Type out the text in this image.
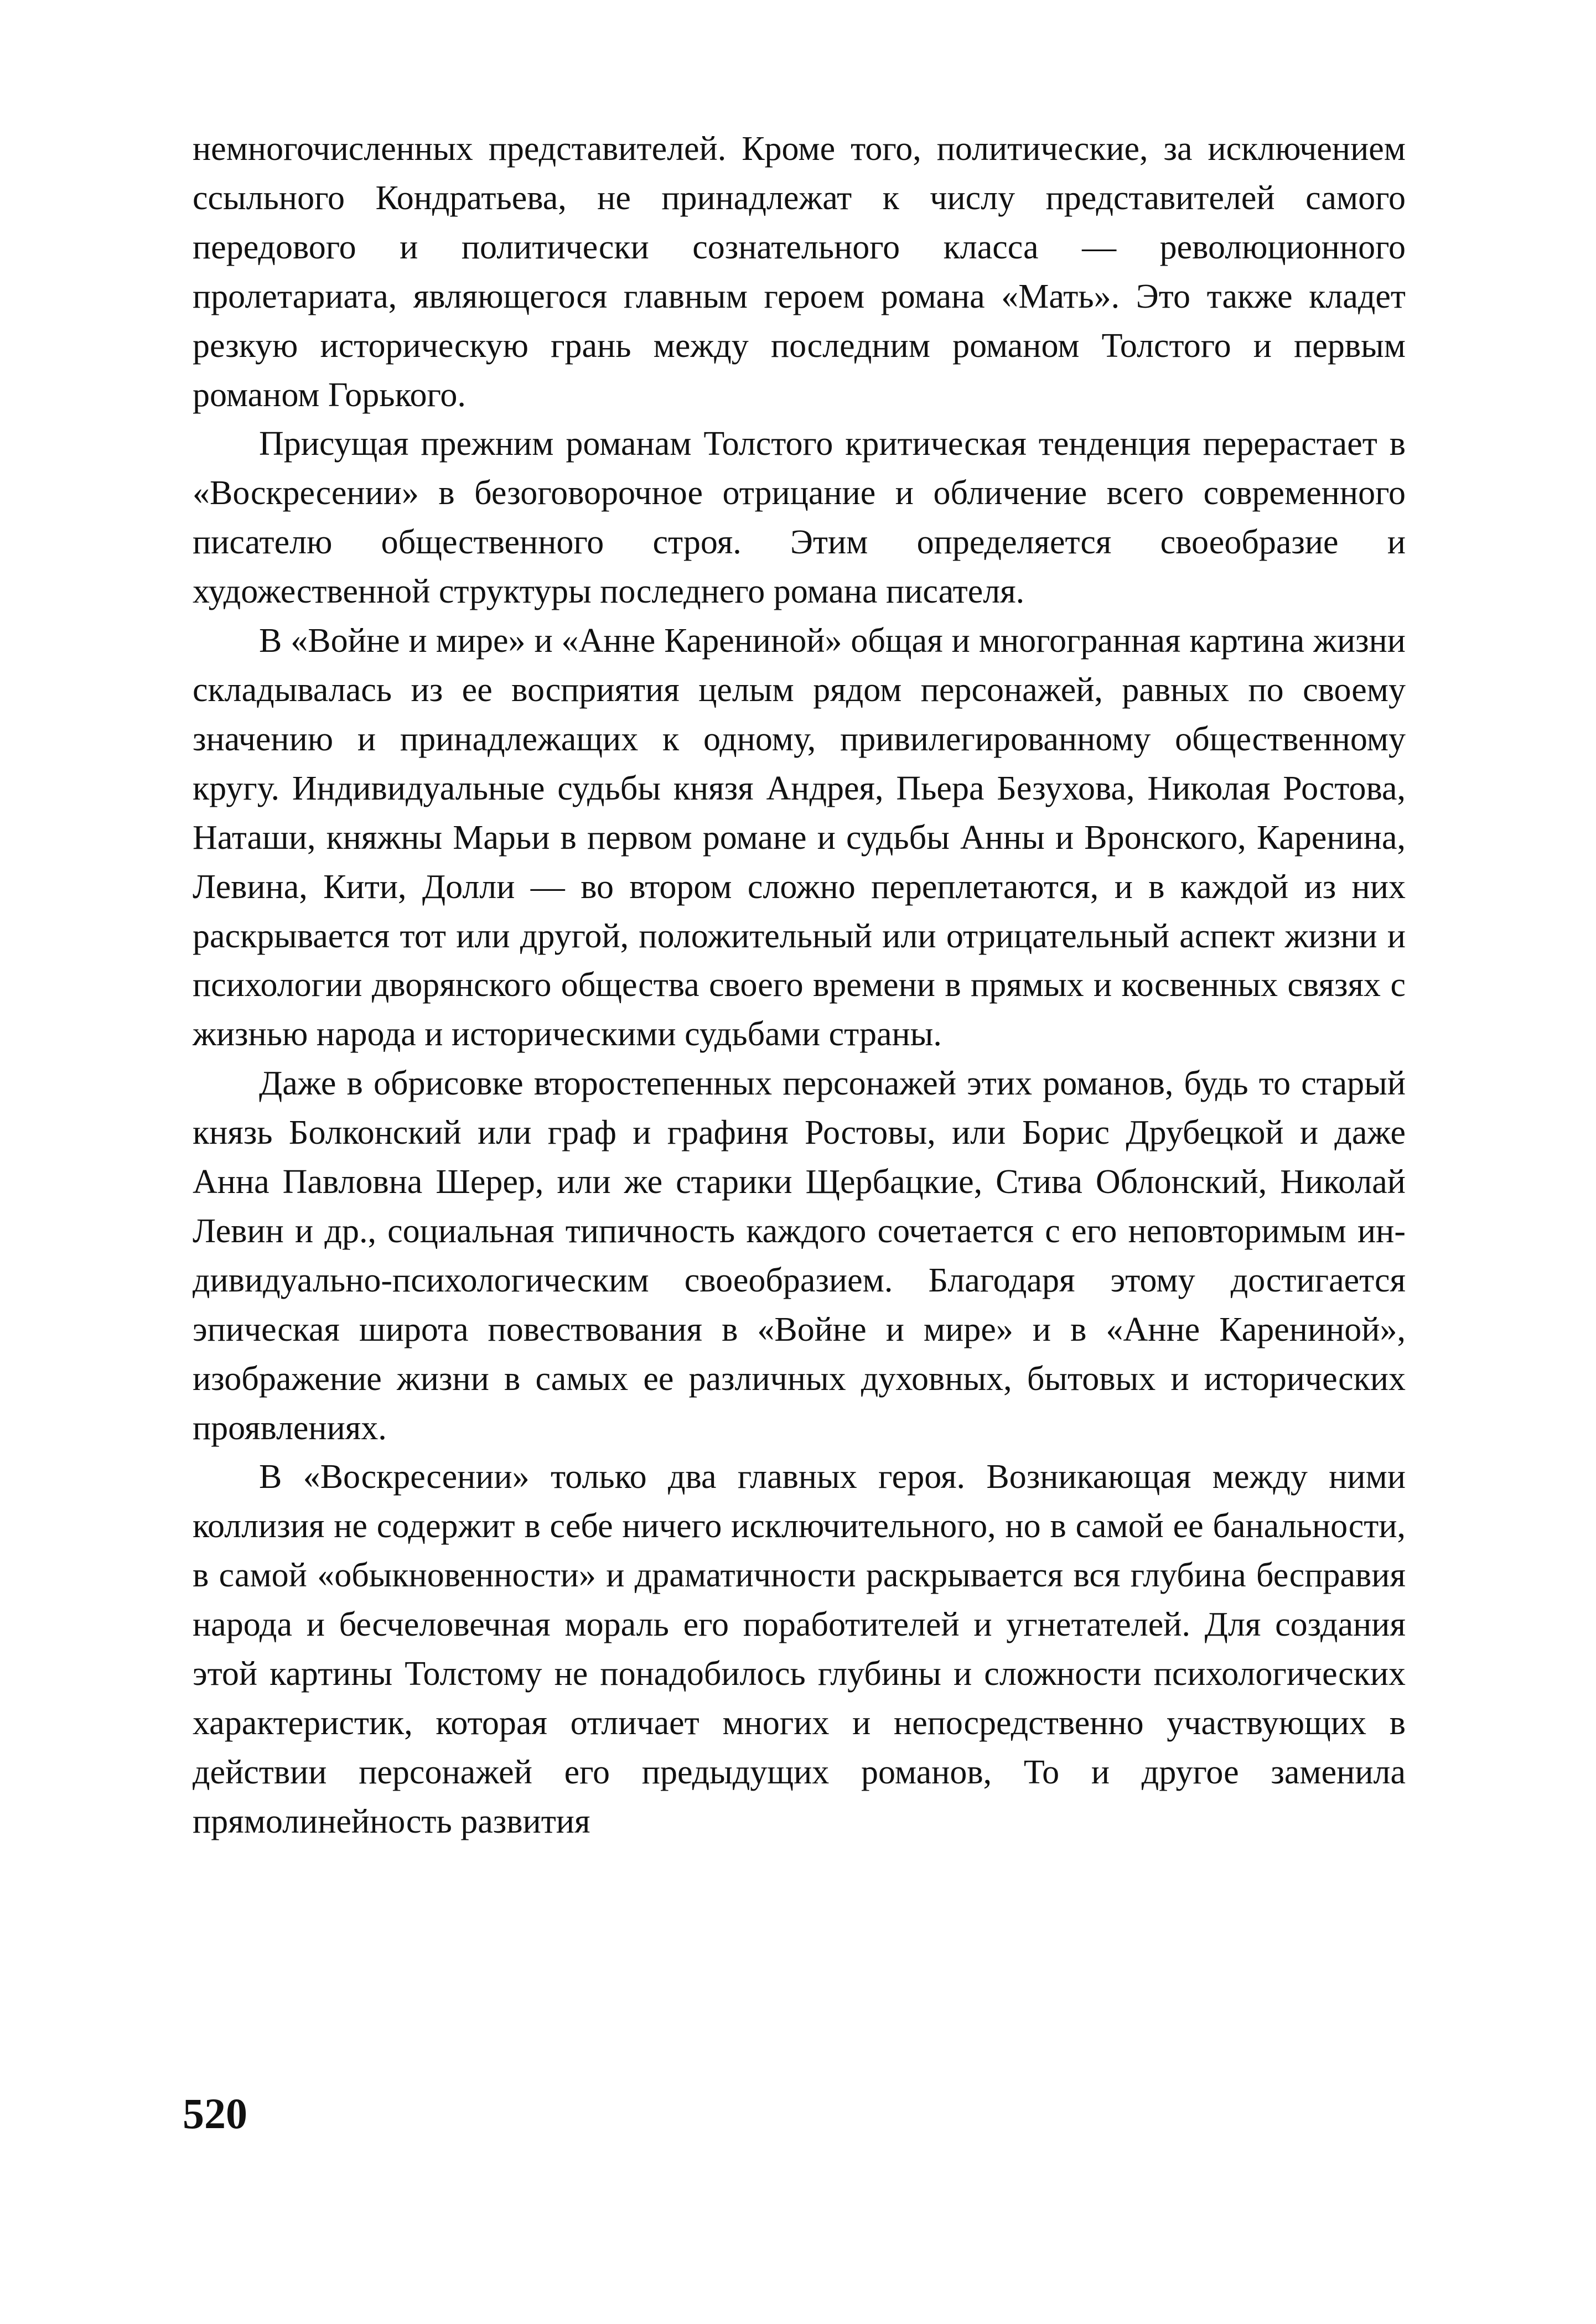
немногочисленных представителей. Кроме того, политические, за исключением ссыльного Кондратьева, не принадлежат к числу представителей самого передового и политически сознательного класса — революционного пролетариата, являющегося главным героем романа «Мать». Это также кладет резкую историческую грань между последним романом Толстого и первым романом Горького.

Присущая прежним романам Толстого критическая тенденция перерастает в «Воскресении» в безоговорочное отрицание и обличение всего современного писателю общественного строя. Этим определяется своеобразие и художественной структуры последнего романа писателя.

В «Войне и мире» и «Анне Карениной» общая и многогранная картина жизни складывалась из ее восприятия целым рядом персонажей, равных по своему значению и принадлежащих к одному, привилегированному общественному кругу. Индивидуальные судьбы князя Андрея, Пьера Безухова, Николая Ростова, Наташи, княжны Марьи в первом романе и судьбы Анны и Вронского, Каренина, Левина, Кити, Долли — во втором сложно переплетаются, и в каждой из них раскрывается тот или другой, положительный или отрицательный аспект жизни и психологии дворянского общества своего времени в прямых и косвенных связях с жизнью народа и историческими судьбами страны.

Даже в обрисовке второстепенных персонажей этих романов, будь то старый князь Болконский или граф и графиня Ростовы, или Борис Друбецкой и даже Анна Павловна Шерер, или же старики Щербацкие, Стива Облонский, Николай Левин и др., социальная типичность каждого сочетается с его неповторимым индивидуально-психологическим своеобразием. Благодаря этому достигается эпическая широта повествования в «Войне и мире» и в «Анне Карениной», изображение жизни в самых ее различных духовных, бытовых и исторических проявлениях.

В «Воскресении» только два главных героя. Возникающая между ними коллизия не содержит в себе ничего исключительного, но в самой ее банальности, в самой «обыкновенности» и драматичности раскрывается вся глубина бесправия народа и бесчеловечная мораль его поработителей и угнетателей. Для создания этой картины Толстому не понадобилось глубины и сложности психологических характеристик, которая отличает многих и непосредственно участвующих в действии персонажей его предыдущих романов, То и другое заменила прямолинейность развития

520
